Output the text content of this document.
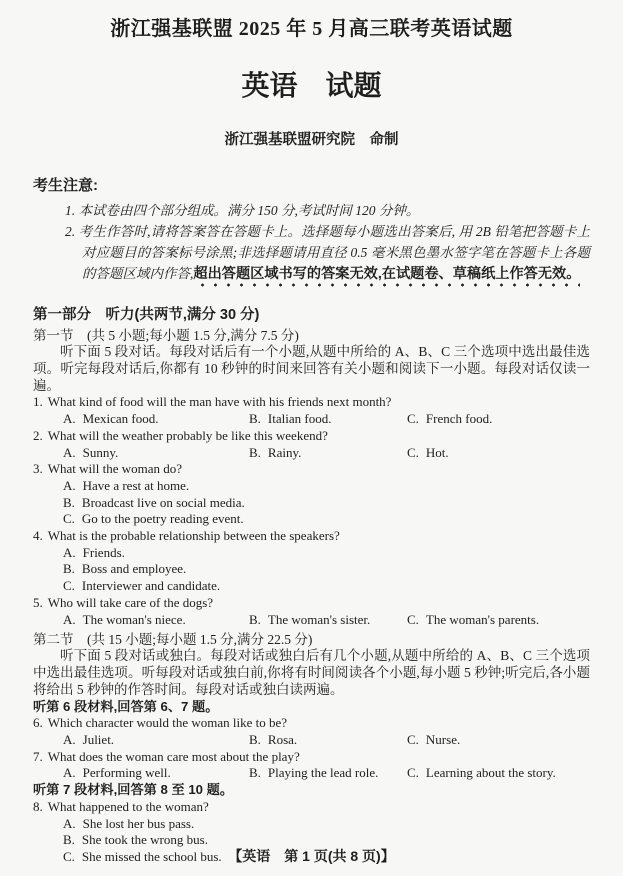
浙江强基联盟 2025 年 5 月高三联考英语试题
英语　试题
浙江强基联盟研究院　命制
考生注意:
1. 本试卷由四个部分组成。满分 150 分,考试时间 120 分钟。
2. 考生作答时,请将答案答在答题卡上。选择题每小题选出答案后, 用 2B 铅笔把答题卡上对应题目的答案标号涂黑;非选择题请用直径 0.5 毫米黑色墨水签字笔在答题卡上各题的答题区域内作答,超出答题区域书写的答案无效,在试题卷、草稿纸上作答无效。
第一部分　听力(共两节,满分 30 分)
第一节　(共 5 小题;每小题 1.5 分,满分 7.5 分)

听下面 5 段对话。每段对话后有一个小题,从题中所给的 A、B、C 三个选项中选出最佳选项。听完每段对话后,你都有 10 秒钟的时间来回答有关小题和阅读下一小题。每段对话仅读一遍。

1. What kind of food will the man have with his friends next month?
A. Mexican food.	B. Italian food.	C. French food.
2. What will the weather probably be like this weekend?
A. Sunny.	B. Rainy.	C. Hot.
3. What will the woman do?
A. Have a rest at home.
B. Broadcast live on social media.
C. Go to the poetry reading event.
4. What is the probable relationship between the speakers?
A. Friends.
B. Boss and employee.
C. Interviewer and candidate.
5. Who will take care of the dogs?
A. The woman's niece.	B. The woman's sister.	C. The woman's parents.
第二节　(共 15 小题;每小题 1.5 分,满分 22.5 分)

听下面 5 段对话或独白。每段对话或独白后有几个小题,从题中所给的 A、B、C 三个选项中选出最佳选项。听每段对话或独白前,你将有时间阅读各个小题,每小题 5 秒钟;听完后,各小题将给出 5 秒钟的作答时间。每段对话或独白读两遍。

听第 6 段材料,回答第 6、7 题。
6. Which character would the woman like to be?
A. Juliet.	B. Rosa.	C. Nurse.
7. What does the woman care most about the play?
A. Performing well.	B. Playing the lead role. C. Learning about the story.
听第 7 段材料,回答第 8 至 10 题。
8. What happened to the woman?
A. She lost her bus pass.
B. She took the wrong bus.
C. She missed the school bus. 【英语　第 1 页(共 8 页)】
